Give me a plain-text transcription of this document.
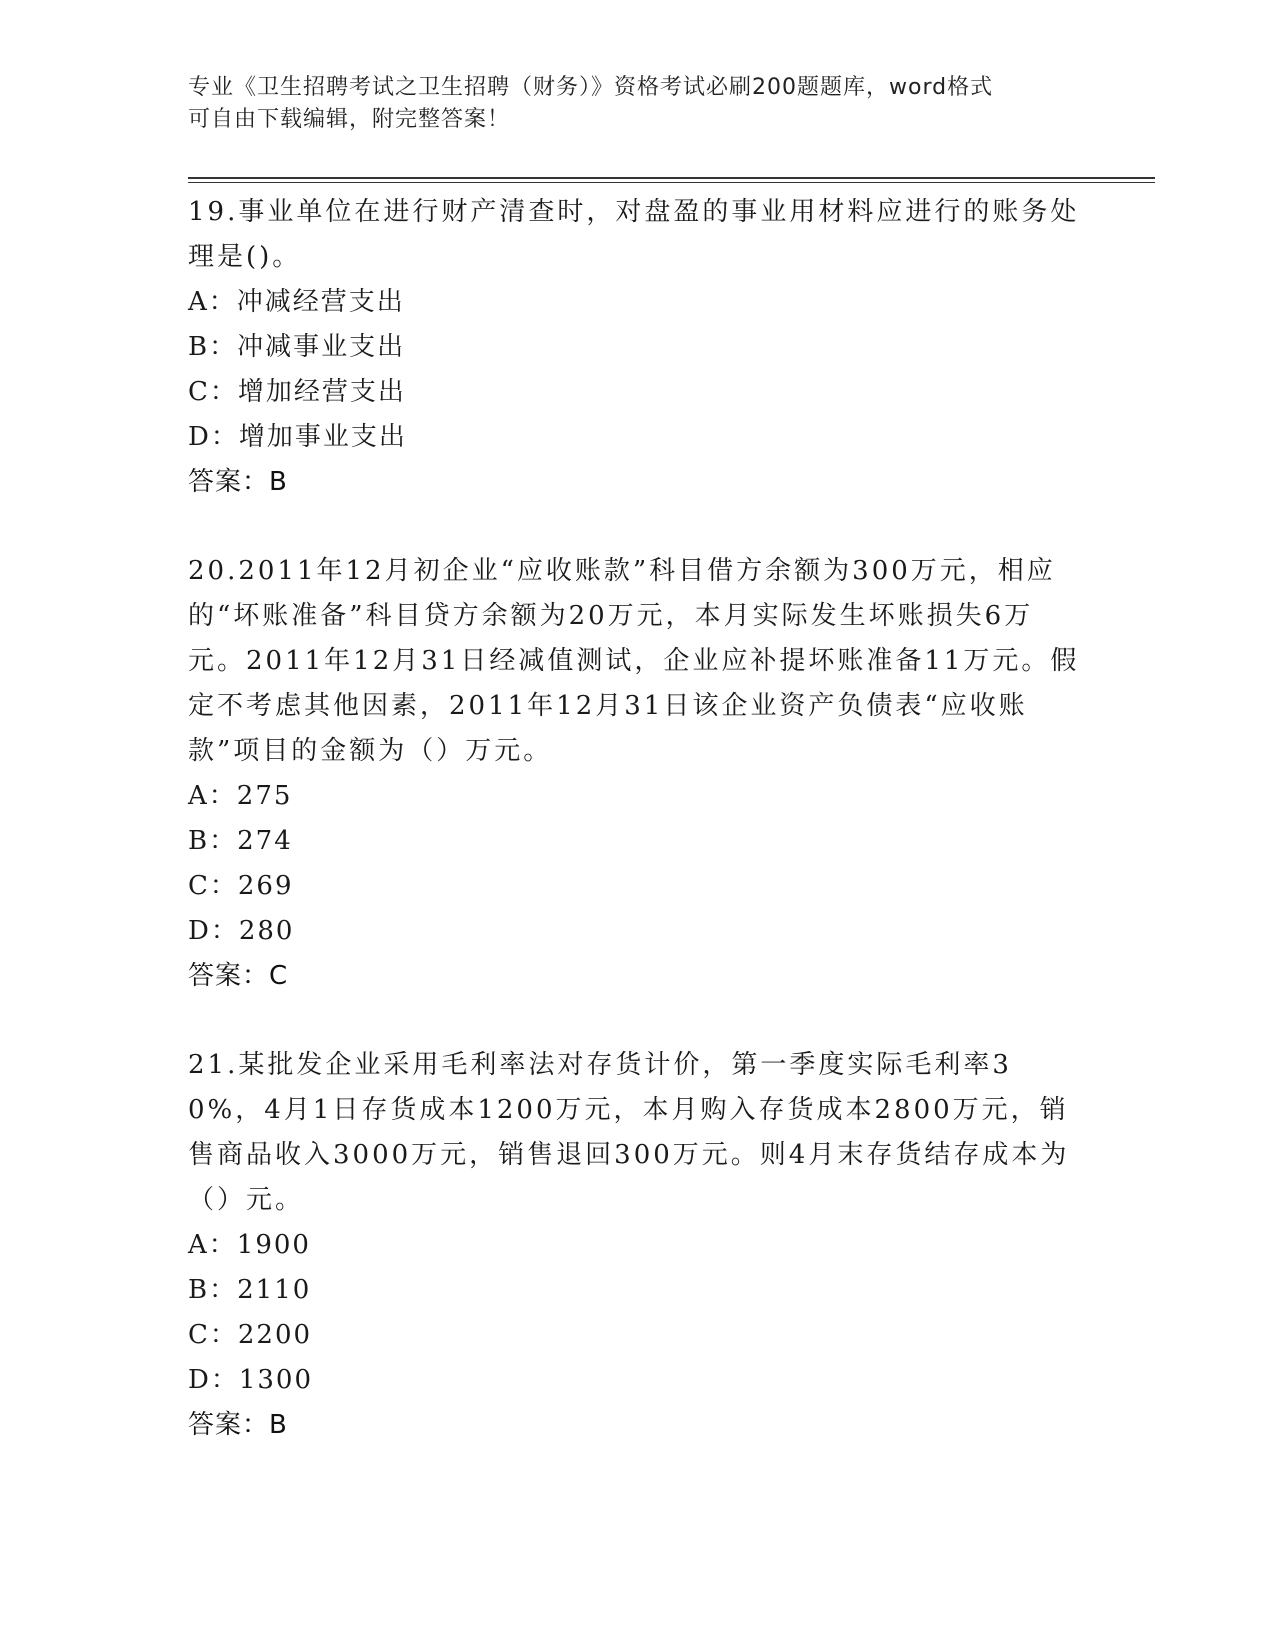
专业《卫生招聘考试之卫生招聘（财务）》资格考试必刷200题题库，word格式
可自由下载编辑，附完整答案！

19.事业单位在进行财产清查时，对盘盈的事业用材料应进行的账务处理是()。

A：冲减经营支出

B：冲减事业支出

C：增加经营支出

D：增加事业支出

答案：B

20.2011年12月初企业“应收账款”科目借方余额为300万元，相应的“坏账准备”科目贷方余额为20万元，本月实际发生坏账损失6万元。2011年12月31日经减值测试，企业应补提坏账准备11万元。假定不考虑其他因素，2011年12月31日该企业资产负债表“应收账款”项目的金额为（）万元。

A：275

B：274

C：269

D：280

答案：C

21.某批发企业采用毛利率法对存货计价，第一季度实际毛利率30%，4月1日存货成本1200万元，本月购入存货成本2800万元，销售商品收入3000万元，销售退回300万元。则4月末存货结存成本为（）元。

A：1900

B：2110

C：2200

D：1300

答案：B
